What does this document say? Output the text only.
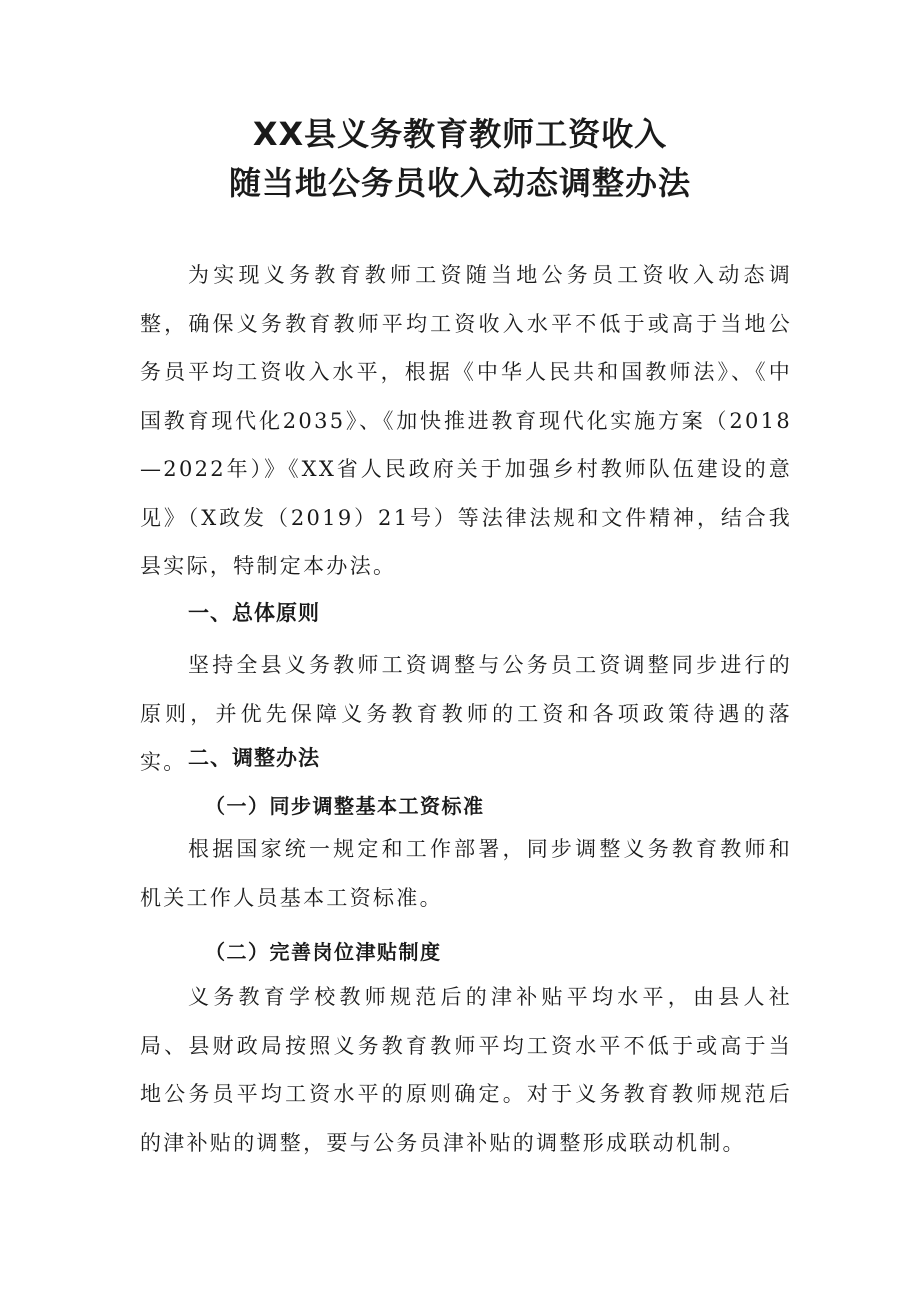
XX县义务教育教师工资收入
随当地公务员收入动态调整办法

为实现义务教育教师工资随当地公务员工资收入动态调整，确保义务教育教师平均工资收入水平不低于或高于当地公务员平均工资收入水平，根据《中华人民共和国教师法》、《中国教育现代化2035》、《加快推进教育现代化实施方案（2018—2022年）》《XX省人民政府关于加强乡村教师队伍建设的意见》（X政发（2019）21号）等法律法规和文件精神，结合我县实际，特制定本办法。

一、总体原则

坚持全县义务教师工资调整与公务员工资调整同步进行的原则，并优先保障义务教育教师的工资和各项政策待遇的落实。 二、调整办法
（一）同步调整基本工资标准

根据国家统一规定和工作部署，同步调整义务教育教师和机关工作人员基本工资标准。

（二）完善岗位津贴制度

义务教育学校教师规范后的津补贴平均水平，由县人社局、县财政局按照义务教育教师平均工资水平不低于或高于当地公务员平均工资水平的原则确定。对于义务教育教师规范后的津补贴的调整，要与公务员津补贴的调整形成联动机制。
